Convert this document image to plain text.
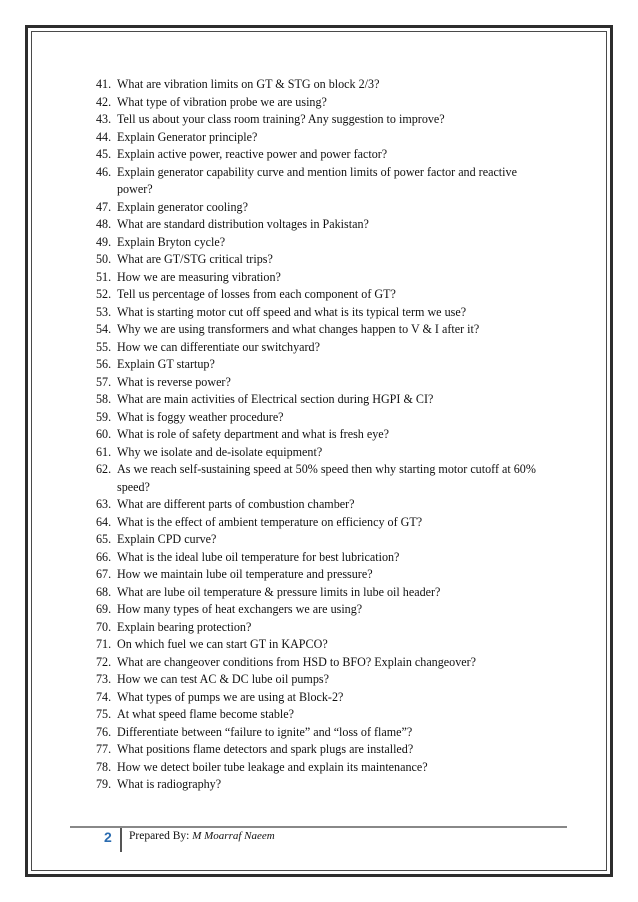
41. What are vibration limits on GT & STG on block 2/3?
42. What type of vibration probe we are using?
43. Tell us about your class room training? Any suggestion to improve?
44. Explain Generator principle?
45. Explain active power, reactive power and power factor?
46. Explain generator capability curve and mention limits of power factor and reactive power?
47. Explain generator cooling?
48. What are standard distribution voltages in Pakistan?
49. Explain Bryton cycle?
50. What are GT/STG critical trips?
51. How we are measuring vibration?
52. Tell us percentage of losses from each component of GT?
53. What is starting motor cut off speed and what is its typical term we use?
54. Why we are using transformers and what changes happen to V & I after it?
55. How we can differentiate our switchyard?
56. Explain GT startup?
57. What is reverse power?
58. What are main activities of Electrical section during HGPI & CI?
59. What is foggy weather procedure?
60. What is role of safety department and what is fresh eye?
61. Why we isolate and de-isolate equipment?
62. As we reach self-sustaining speed at 50% speed then why starting motor cutoff at 60% speed?
63. What are different parts of combustion chamber?
64. What is the effect of ambient temperature on efficiency of GT?
65. Explain CPD curve?
66. What is the ideal lube oil temperature for best lubrication?
67. How we maintain lube oil temperature and pressure?
68. What are lube oil temperature & pressure limits in lube oil header?
69. How many types of heat exchangers we are using?
70. Explain bearing protection?
71. On which fuel we can start GT in KAPCO?
72. What are changeover conditions from HSD to BFO? Explain changeover?
73. How we can test AC & DC lube oil pumps?
74. What types of pumps we are using at Block-2?
75. At what speed flame become stable?
76. Differentiate between “failure to ignite” and “loss of flame”?
77. What positions flame detectors and spark plugs are installed?
78. How we detect boiler tube leakage and explain its maintenance?
79. What is radiography?
2 Prepared By: M Moarraf Naeem
